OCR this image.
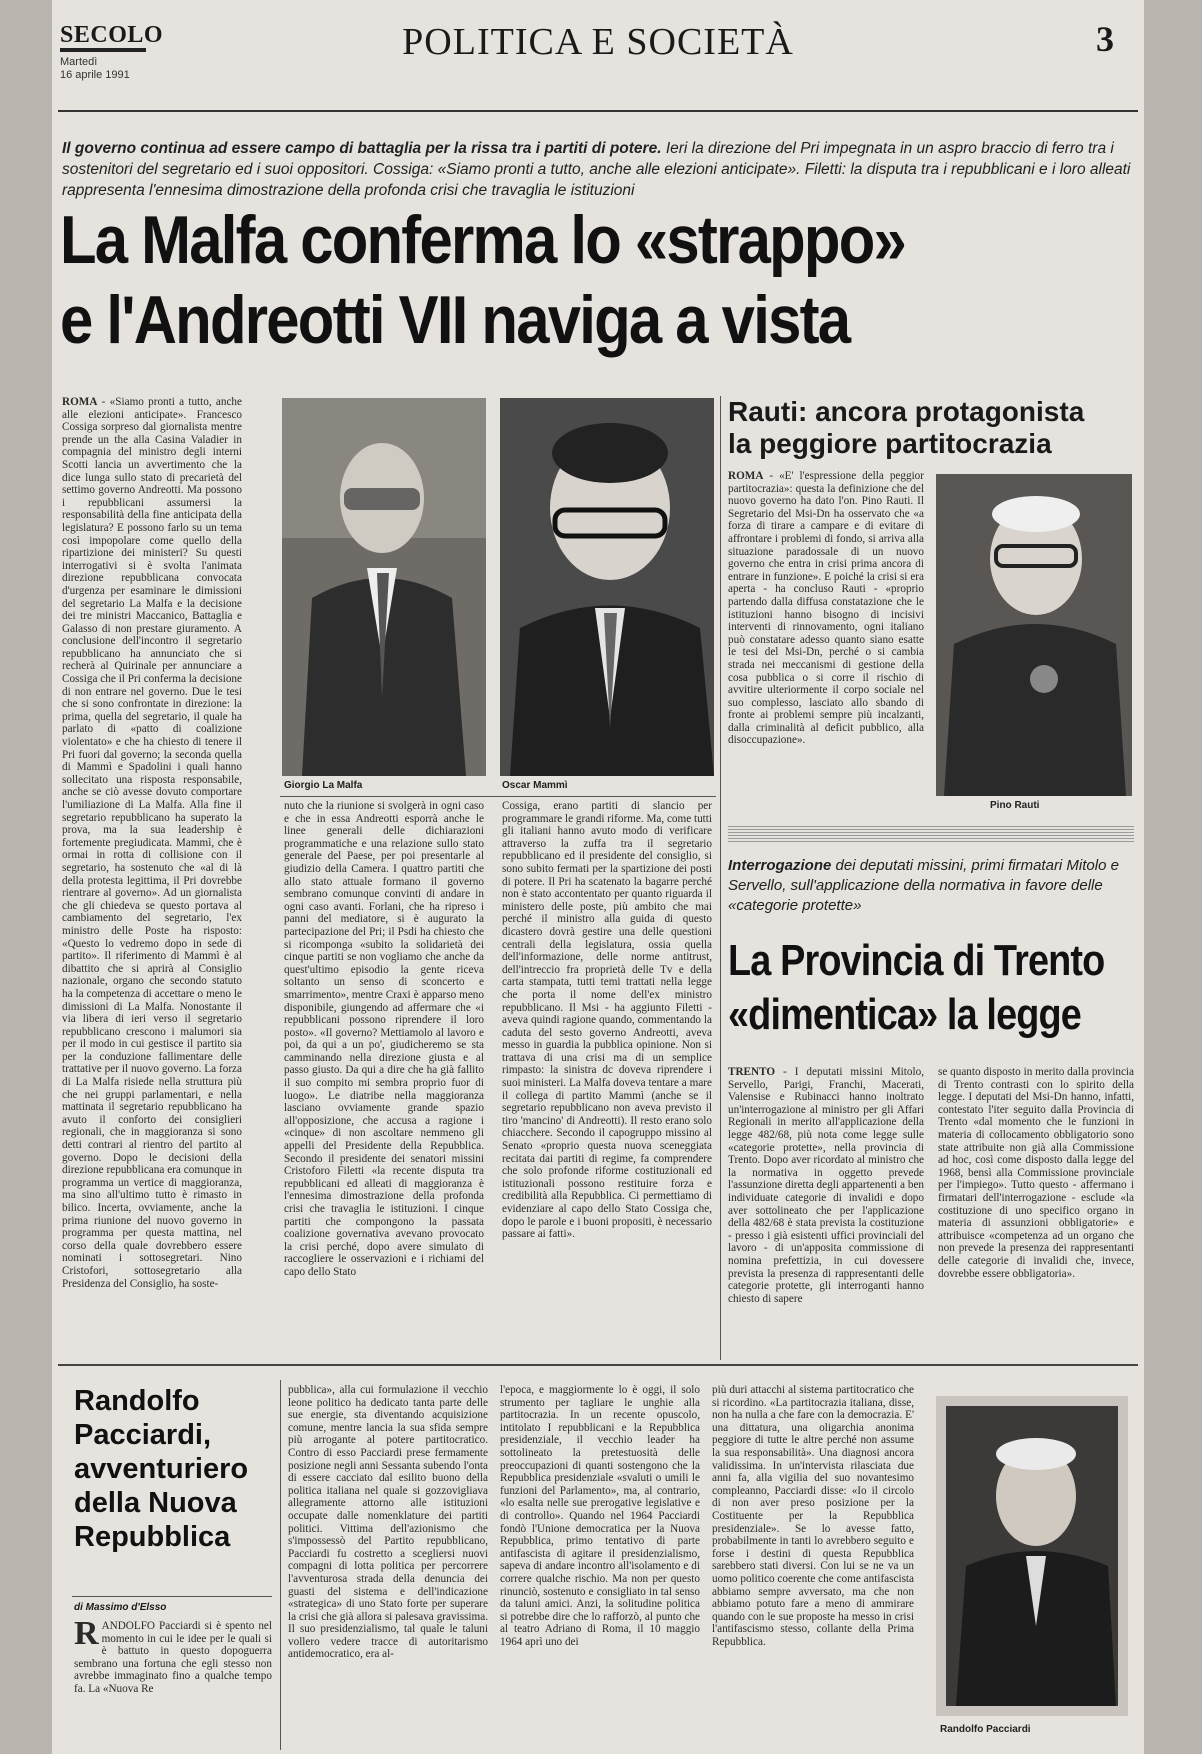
SECOLO
Martedì
16 aprile 1991
POLITICA E SOCIETÀ	3
Il governo continua ad essere campo di battaglia per la rissa tra i partiti di potere. Ieri la direzione del Pri impegnata in un aspro braccio di ferro tra i sostenitori del segretario ed i suoi oppositori. Cossiga: «Siamo pronti a tutto, anche alle elezioni anticipate». Filetti: la disputa tra i repubblicani e i loro alleati rappresenta l'ennesima dimostrazione della profonda crisi che travaglia le istituzioni
La Malfa conferma lo «strappo»
e l'Andreotti VII naviga a vista
ROMA - «Siamo pronti a tutto, anche alle elezioni anticipate». Francesco Cossiga sorpreso dal giornalista mentre prende un the alla Casina Valadier in compagnia del ministro degli interni Scotti lancia un avvertimento che la dice lunga sullo stato di precarietà del settimo governo Andreotti. Ma possono i repubblicani assumersi la responsabilità della fine anticipata della legislatura? E possono farlo su un tema così impopolare come quello della ripartizione dei ministeri? Su questi interrogativi si è svolta l'animata direzione repubblicana convocata d'urgenza per esaminare le dimissioni del segretario La Malfa e la decisione dei tre ministri Maccanico, Battaglia e Galasso di non prestare giuramento. A conclusione dell'incontro il segretario repubblicano ha annunciato che si recherà al Quirinale per annunciare a Cossiga che il Pri conferma la decisione di non entrare nel governo. Due le tesi che si sono confrontate in direzione: la prima, quella del segretario, il quale ha parlato di «patto di coalizione violentato» e che ha chiesto di tenere il Pri fuori dal governo; la seconda quella di Mammì e Spadolini i quali hanno sollecitato una risposta responsabile, anche se ciò avesse dovuto comportare l'umiliazione di La Malfa. Alla fine il segretario repubblicano ha superato la prova, ma la sua leadership è fortemente pregiudicata. Mammì, che è ormai in rotta di collisione con il segretario, ha sostenuto che «al di là della protesta legittima, il Pri dovrebbe rientrare al governo». Ad un giornalista che gli chiedeva se questo portava al cambiamento del segretario, l'ex ministro delle Poste ha risposto: «Questo lo vedremo dopo in sede di partito». Il riferimento di Mammì è al dibattito che si aprirà al Consiglio nazionale, organo che secondo statuto ha la competenza di accettare o meno le dimissioni di La Malfa. Nonostante il via libera di ieri verso il segretario repubblicano crescono i malumori sia per il modo in cui gestisce il partito sia per la conduzione fallimentare delle trattative per il nuovo governo. La forza di La Malfa risiede nella struttura più che nei gruppi parlamentari, e nella mattinata il segretario repubblicano ha avuto il conforto dei consiglieri regionali, che in maggioranza si sono detti contrari al rientro del partito al governo. Dopo le decisioni della direzione repubblicana era comunque in programma un vertice di maggioranza, ma sino all'ultimo tutto è rimasto in bilico. Incerta, ovviamente, anche la prima riunione del nuovo governo in programma per questa mattina, nel corso della quale dovrebbero essere nominati i sottosegretari. Nino Cristofori, sottosegretario alla Presidenza del Consiglio, ha soste-
Giorgio La Malfa	Oscar Mammì
nuto che la riunione si svolgerà in ogni caso e che in essa Andreotti esporrà anche le linee generali delle dichiarazioni programmatiche e una relazione sullo stato generale del Paese, per poi presentarle al giudizio della Camera. I quattro partiti che allo stato attuale formano il governo sembrano comunque convinti di andare in ogni caso avanti. Forlani, che ha ripreso i panni del mediatore, si è augurato la partecipazione del Pri; il Psdi ha chiesto che si ricomponga «subito la solidarietà dei cinque partiti se non vogliamo che anche da quest'ultimo episodio la gente riceva soltanto un senso di sconcerto e smarrimento», mentre Craxi è apparso meno disponibile, giungendo ad affermare che «i repubblicani possono riprendere il loro posto». «Il governo? Mettiamolo al lavoro e poi, da qui a un po', giudicheremo se sta camminando nella direzione giusta e al passo giusto. Da qui a dire che ha già fallito il suo compito mi sembra proprio fuor di luogo». Le diatribe nella maggioranza lasciano ovviamente grande spazio all'opposizione, che accusa a ragione i «cinque» di non ascoltare nemmeno gli appelli del Presidente della Repubblica. Secondo il presidente dei senatori missini Cristoforo Filetti «la recente disputa tra repubblicani ed alleati di maggioranza è l'ennesima dimostrazione della profonda crisi che travaglia le istituzioni. I cinque partiti che compongono la passata coalizione governativa avevano provocato la crisi perché, dopo avere simulato di raccogliere le osservazioni e i richiami del capo dello Stato
Cossiga, erano partiti di slancio per programmare le grandi riforme. Ma, come tutti gli italiani hanno avuto modo di verificare attraverso la zuffa tra il segretario repubblicano ed il presidente del consiglio, si sono subito fermati per la spartizione dei posti di potere. Il Pri ha scatenato la bagarre perché non è stato accontentato per quanto riguarda il ministero delle poste, più ambito che mai perché il ministro alla guida di questo dicastero dovrà gestire una delle questioni centrali della legislatura, ossia quella dell'informazione, delle norme antitrust, dell'intreccio fra proprietà delle Tv e della carta stampata, tutti temi trattati nella legge che porta il nome dell'ex ministro repubblicano. Il Msi - ha aggiunto Filetti - aveva quindi ragione quando, commentando la caduta del sesto governo Andreotti, aveva messo in guardia la pubblica opinione. Non si trattava di una crisi ma di un semplice rimpasto: la sinistra dc doveva riprendere i suoi ministeri. La Malfa doveva tentare a mare il collega di partito Mammì (anche se il segretario repubblicano non aveva previsto il tiro 'mancino' di Andreotti). Il resto erano solo chiacchere. Secondo il capogruppo missino al Senato «proprio questa nuova sceneggiata recitata dai partiti di regime, fa comprendere che solo profonde riforme costituzionali ed istituzionali possono restituire forza e credibilità alla Repubblica. Ci permettiamo di evidenziare al capo dello Stato Cossiga che, dopo le parole e i buoni propositi, è necessario passare ai fatti».
Rauti: ancora protagonista
la peggiore partitocrazia
ROMA - «E' l'espressione della peggior partitocrazia»: questa la definizione che del nuovo governo ha dato l'on. Pino Rauti. Il Segretario del Msi-Dn ha osservato che «a forza di tirare a campare e di evitare di affrontare i problemi di fondo, si arriva alla situazione paradossale di un nuovo governo che entra in crisi prima ancora di entrare in funzione». E poiché la crisi si era aperta - ha concluso Rauti - «proprio partendo dalla diffusa constatazione che le istituzioni hanno bisogno di incisivi interventi di rinnovamento, ogni italiano può constatare adesso quanto siano esatte le tesi del Msi-Dn, perché o si cambia strada nei meccanismi di gestione della cosa pubblica o si corre il rischio di avvitire ulteriormente il corpo sociale nel suo complesso, lasciato allo sbando di fronte ai problemi sempre più incalzanti, dalla criminalità al deficit pubblico, alla disoccupazione».
Pino Rauti
Interrogazione dei deputati missini, primi firmatari Mitolo e Servello, sull'applicazione della normativa in favore delle «categorie protette»
La Provincia di Trento
«dimentica» la legge
TRENTO - I deputati missini Mitolo, Servello, Parigi, Franchi, Macerati, Valensise e Rubinacci hanno inoltrato un'interrogazione al ministro per gli Affari Regionali in merito all'applicazione della legge 482/68, più nota come legge sulle «categorie protette», nella provincia di Trento. Dopo aver ricordato al ministro che la normativa in oggetto prevede l'assunzione diretta degli appartenenti a ben individuate categorie di invalidi e dopo aver sottolineato che per l'applicazione della 482/68 è stata prevista la costituzione - presso i già esistenti uffici provinciali del lavoro - di un'apposita commissione di nomina prefettizia, in cui dovessere prevista la presenza di rappresentanti delle categorie protette, gli interroganti hanno chiesto di sapere
se quanto disposto in merito dalla provincia di Trento contrasti con lo spirito della legge. I deputati del Msi-Dn hanno, infatti, contestato l'iter seguito dalla Provincia di Trento «dal momento che le funzioni in materia di collocamento obbligatorio sono state attribuite non già alla Commissione ad hoc, così come disposto dalla legge del 1968, bensì alla Commissione provinciale per l'impiego». Tutto questo - affermano i firmatari dell'interrogazione - esclude «la costituzione di uno specifico organo in materia di assunzioni obbligatorie» e attribuisce «competenza ad un organo che non prevede la presenza dei rappresentanti delle categorie di invalidi che, invece, dovrebbe essere obbligatoria».
Randolfo Pacciardi, avventuriero della Nuova Repubblica
di Massimo d'Elsso
RANDOLFO Pacciardi si è spento nel momento in cui le idee per le quali si è battuto in questo dopoguerra sembrano una fortuna che egli stesso non avrebbe immaginato fino a qualche tempo fa. La «Nuova Re
pubblica», alla cui formulazione il vecchio leone politico ha dedicato tanta parte delle sue energie, sta diventando acquisizione comune, mentre lancia la sua sfida sempre più arrogante al potere partitocratico. Contro di esso Pacciardi prese fermamente posizione negli anni Sessanta subendo l'onta di essere cacciato dal esilito buono della politica italiana nel quale si gozzovigliava allegramente attorno alle istituzioni occupate dalle nomenklature dei partiti politici. Vittima dell'azionismo che s'impossessò del Partito repubblicano, Pacciardi fu costretto a scegliersi nuovi compagni di lotta politica per percorrere l'avventurosa strada della denuncia dei guasti del sistema e dell'indicazione «strategica» di uno Stato forte per superare la crisi che già allora si palesava gravissima. Il suo presidenzialismo, tal quale le taluni vollero vedere tracce di autoritarismo antidemocratico, era al-
l'epoca, e maggiormente lo è oggi, il solo strumento per tagliare le unghie alla partitocrazia. In un recente opuscolo, intitolato I repubblicani e la Repubblica presidenziale, il vecchio leader ha sottolineato la pretestuosità delle preoccupazioni di quanti sostengono che la Repubblica presidenziale «svaluti o umili le funzioni del Parlamento», ma, al contrario, «lo esalta nelle sue prerogative legislative e di controllo». Quando nel 1964 Pacciardi fondò l'Unione democratica per la Nuova Repubblica, primo tentativo di parte antifascista di agitare il presidenzialismo, sapeva di andare incontro all'isolamento e di correre qualche rischio. Ma non per questo rinunciò, sostenuto e consigliato in tal senso da taluni amici. Anzi, la solitudine politica si potrebbe dire che lo rafforzò, al punto che al teatro Adriano di Roma, il 10 maggio 1964 aprì uno dei
più duri attacchi al sistema partitocratico che si ricordino. «La partitocrazia italiana, disse, non ha nulla a che fare con la democrazia. E' una dittatura, una oligarchia anonima peggiore di tutte le altre perché non assume la sua responsabilità». Una diagnosi ancora validissima. In un'intervista rilasciata due anni fa, alla vigilia del suo novantesimo compleanno, Pacciardi disse: «Io il circolo di non aver preso posizione per la Costituente per la Repubblica presidenziale». Se lo avesse fatto, probabilmente in tanti lo avrebbero seguito e forse i destini di questa Repubblica sarebbero stati diversi. Con lui se ne va un uomo politico coerente che come antifascista abbiamo sempre avversato, ma che non abbiamo potuto fare a meno di ammirare quando con le sue proposte ha messo in crisi l'antifascismo stesso, collante della Prima Repubblica.
Randolfo Pacciardi
